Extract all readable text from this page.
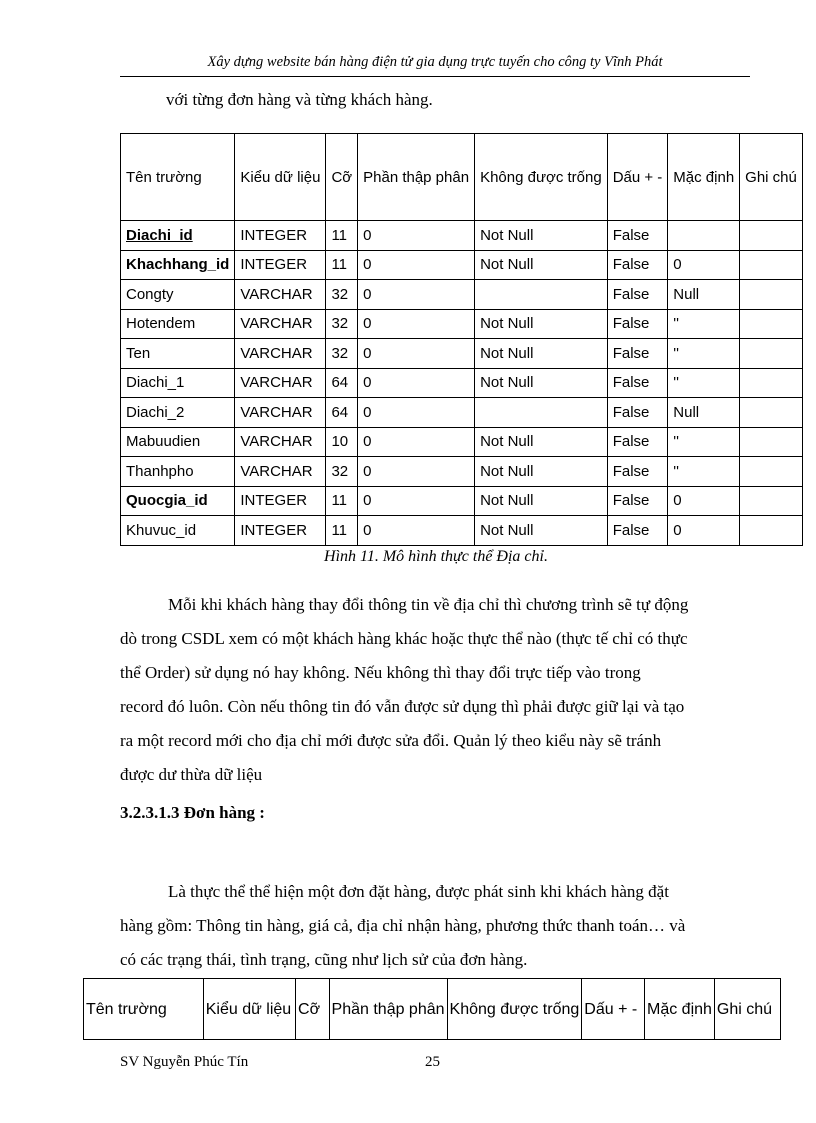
Xây dựng website bán hàng điện tử gia dụng trực tuyến cho công ty Vĩnh Phát
với từng đơn hàng và từng khách hàng.
Tên trường	Kiểu dữ liệu	Cỡ	Phần thập phân	Không được trống	Dấu + -	Mặc định	Ghi chú
Diachi_id	INTEGER	11	0	Not Null	False		
Khachhang_id	INTEGER	11	0	Not Null	False	0	
Congty	VARCHAR	32	0		False	Null	
Hotendem	VARCHAR	32	0	Not Null	False	''	
Ten	VARCHAR	32	0	Not Null	False	''	
Diachi_1	VARCHAR	64	0	Not Null	False	''	
Diachi_2	VARCHAR	64	0		False	Null	
Mabuudien	VARCHAR	10	0	Not Null	False	''	
Thanhpho	VARCHAR	32	0	Not Null	False	''	
Quocgia_id	INTEGER	11	0	Not Null	False	0	
Khuvuc_id	INTEGER	11	0	Not Null	False	0	
Hình 11. Mô hình thực thể Địa chỉ.
Mỗi khi khách hàng thay đổi thông tin về địa chỉ thì chương trình sẽ tự động
dò trong CSDL xem có một khách hàng khác hoặc thực thể nào (thực tế chỉ có thực
thể Order) sử dụng nó hay không. Nếu không thì thay đổi trực tiếp vào trong
record đó luôn. Còn nếu thông tin đó vẫn được sử dụng thì phải được giữ lại và tạo
ra một record mới cho địa chỉ mới được sửa đổi. Quản lý theo kiểu này sẽ tránh
được dư thừa dữ liệu
3.2.3.1.3 Đơn hàng :
Là thực thể thể hiện một đơn đặt hàng, được phát sinh khi khách hàng đặt
hàng gồm: Thông tin hàng, giá cả, địa chỉ nhận hàng, phương thức thanh toán… và
có các trạng thái, tình trạng, cũng như lịch sử của đơn hàng.
Tên trường	Kiểu dữ liệu	Cỡ	Phần thập phân	Không được trống	Dấu + -	Mặc định	Ghi chú
SV Nguyễn Phúc Tín	25
